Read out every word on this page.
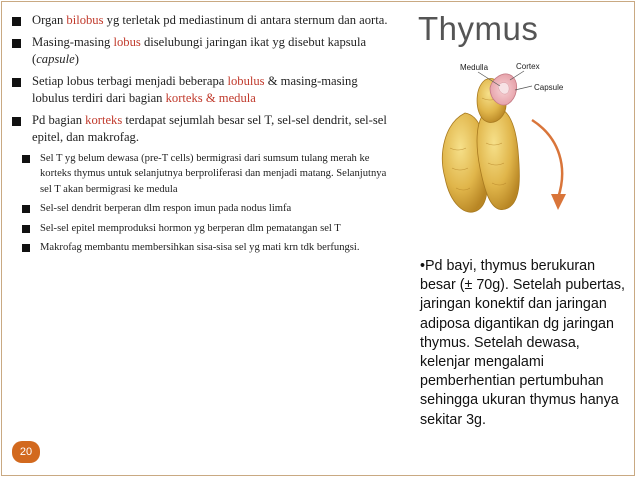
Organ bilobus yg terletak pd mediastinum di antara sternum dan aorta.
Masing-masing lobus diselubungi jaringan ikat yg disebut kapsula (capsule)
Setiap lobus terbagi menjadi beberapa lobulus & masing-masing lobulus terdiri dari bagian korteks & medula
Pd bagian korteks terdapat sejumlah besar sel T, sel-sel dendrit, sel-sel epitel, dan makrofag.
Sel T yg belum dewasa (pre-T cells) bermigrasi dari sumsum tulang merah ke korteks thymus untuk selanjutnya berproliferasi dan menjadi matang. Selanjutnya sel T akan bermigrasi ke medula
Sel-sel dendrit berperan dlm respon imun pada nodus limfa
Sel-sel epitel memproduksi hormon yg berperan dlm pematangan sel T
Makrofag membantu membersihkan sisa-sisa sel yg mati krn tdk berfungsi.
Thymus
Medulla	Cortex
Capsule
•Pd bayi, thymus berukuran besar (± 70g). Setelah pubertas, jaringan konektif dan jaringan adiposa digantikan dg jaringan thymus. Setelah dewasa, kelenjar mengalami pemberhentian pertumbuhan sehingga ukuran thymus hanya sekitar 3g.
20
